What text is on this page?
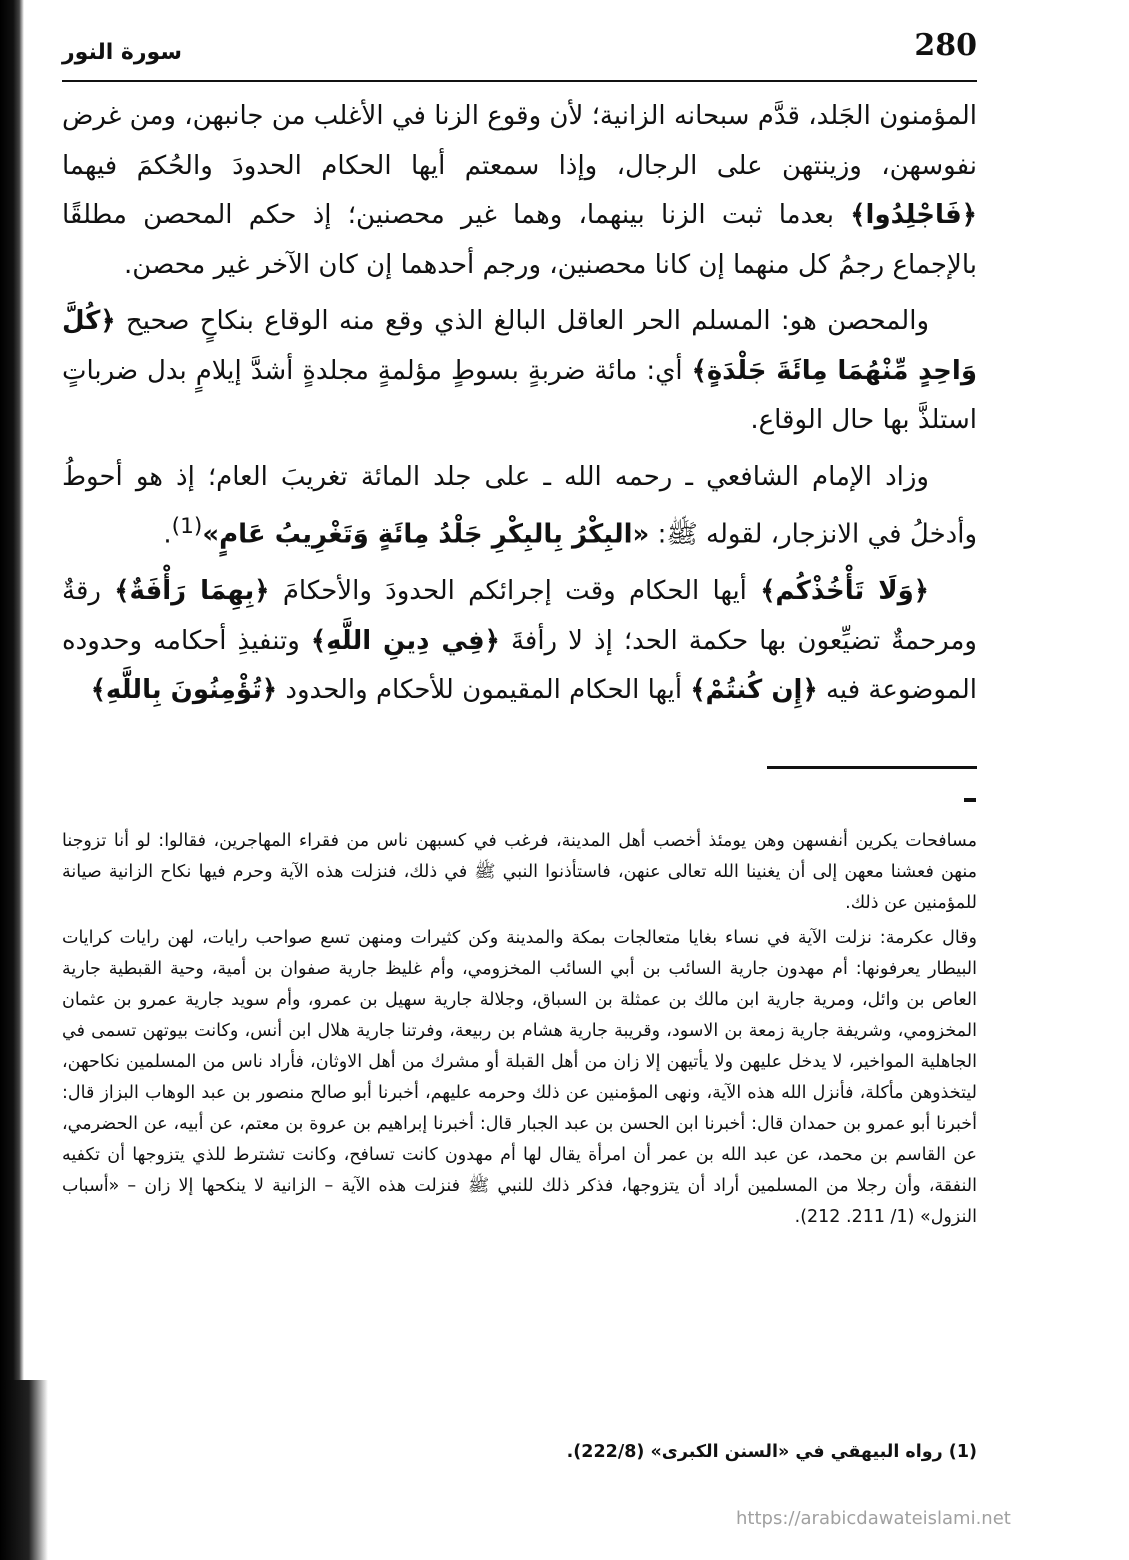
280
سورة النور

المؤمنون الجَلد، قدَّم سبحانه الزانية؛ لأن وقوع الزنا في الأغلب من جانبهن، ومن غرض نفوسهن، وزينتهن على الرجال، وإذا سمعتم أيها الحكام الحدودَ والحُكمَ فيهما ﴿فَاجْلِدُوا﴾ بعدما ثبت الزنا بينهما، وهما غير محصنين؛ إذ حكم المحصن مطلقًا بالإجماع رجمُ كل منهما إن كانا محصنين، ورجم أحدهما إن كان الآخر غير محصن.

والمحصن هو: المسلم الحر العاقل البالغ الذي وقع منه الوقاع بنكاحٍ صحيح ﴿كُلَّ وَاحِدٍ مِّنْهُمَا مِائَةَ جَلْدَةٍ﴾ أي: مائة ضربةٍ بسوطٍ مؤلمةٍ مجلدةٍ أشدَّ إيلامٍ بدل ضرباتٍ استلذَّ بها حال الوقاع.

وزاد الإمام الشافعي ـ رحمه الله ـ على جلد المائة تغريبَ العام؛ إذ هو أحوطُ وأدخلُ في الانزجار، لقوله ﷺ: «البِكْرُ بِالبِكْرِ جَلْدُ مِائَةٍ وَتَغْرِيبُ عَامٍ»$^{(1)}$.

﴿وَلَا تَأْخُذْكُم﴾ أيها الحكام وقت إجرائكم الحدودَ والأحكامَ ﴿بِهِمَا رَأْفَةٌ﴾ رقةٌ ومرحمةٌ تضيِّعون بها حكمة الحد؛ إذ لا رأفةَ ﴿فِي دِينِ اللَّهِ﴾ وتنفيذِ أحكامه وحدوده الموضوعة فيه ﴿إِن كُنتُمْ﴾ أيها الحكام المقيمون للأحكام والحدود ﴿تُؤْمِنُونَ بِاللَّهِ﴾

مسافحات يكرين أنفسهن وهن يومئذ أخصب أهل المدينة، فرغب في كسبهن ناس من فقراء المهاجرين، فقالوا: لو أنا تزوجنا منهن فعشنا معهن إلى أن يغنينا الله تعالى عنهن، فاستأذنوا النبي ﷺ في ذلك، فنزلت هذه الآية وحرم فيها نكاح الزانية صيانة للمؤمنين عن ذلك.

وقال عكرمة: نزلت الآية في نساء بغايا متعالجات بمكة والمدينة وكن كثيرات ومنهن تسع صواحب رايات، لهن رايات كرايات البيطار يعرفونها: أم مهدون جارية السائب بن أبي السائب المخزومي، وأم غليظ جارية صفوان بن أمية، وحية القبطية جارية العاص بن وائل، ومرية جارية ابن مالك بن عمثلة بن السباق، وجلالة جارية سهيل بن عمرو، وأم سويد جارية عمرو بن عثمان المخزومي، وشريفة جارية زمعة بن الاسود، وقريبة جارية هشام بن ربيعة، وفرتنا جارية هلال ابن أنس، وكانت بيوتهن تسمى في الجاهلية المواخير، لا يدخل عليهن ولا يأتيهن إلا زان من أهل القبلة أو مشرك من أهل الاوثان، فأراد ناس من المسلمين نكاحهن، ليتخذوهن مأكلة، فأنزل الله هذه الآية، ونهى المؤمنين عن ذلك وحرمه عليهم، أخبرنا أبو صالح منصور بن عبد الوهاب البزاز قال: أخبرنا أبو عمرو بن حمدان قال: أخبرنا ابن الحسن بن عبد الجبار قال: أخبرنا إبراهيم بن عروة بن معتم، عن أبيه، عن الحضرمي، عن القاسم بن محمد، عن عبد الله بن عمر أن امرأة يقال لها أم مهدون كانت تسافح، وكانت تشترط للذي يتزوجها أن تكفيه النفقة، وأن رجلا من المسلمين أراد أن يتزوجها، فذكر ذلك للنبي ﷺ فنزلت هذه الآية – الزانية لا ينكحها إلا زان – «أسباب النزول» (1/ 211. 212).

(1) رواه البيهقي في «السنن الكبرى» (222/8).
https://arabicdawateislami.net
